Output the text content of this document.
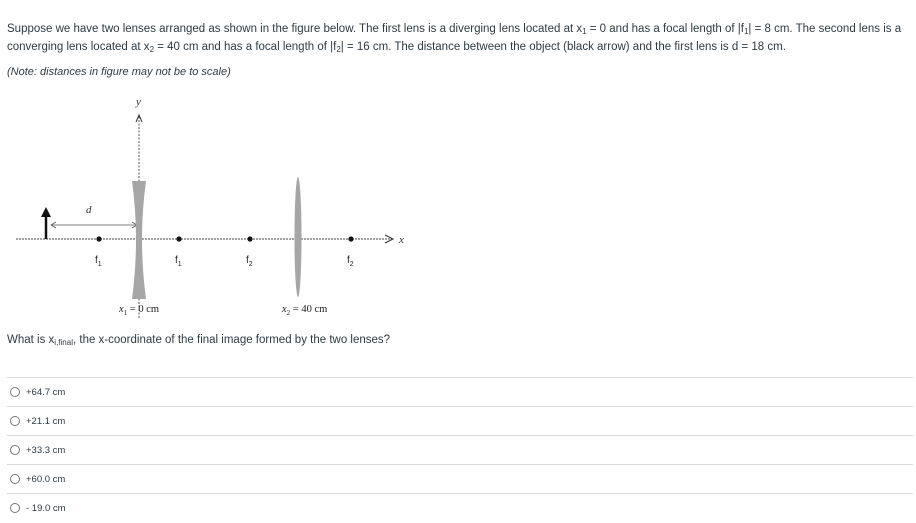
Suppose we have two lenses arranged as shown in the figure below. The first lens is a diverging lens located at $x_1 = 0$ and has a focal length of $|f_1| = 8$ cm. The second lens is a converging lens located at $x_2 = 40$ cm and has a focal length of $|f_2| = 16$ cm. The distance between the object (black arrow) and the first lens is d = 18 cm.
(Note: distances in figure may not be to scale)
y
x
d
$f_1$	$f_1$	$f_2$	$f_2$
$x_1 = 0$ cm	$x_2 = 40$ cm
What is $x_{i,final}$, the x-coordinate of the final image formed by the two lenses?
+64.7 cm
+21.1 cm
+33.3 cm
+60.0 cm
- 19.0 cm
